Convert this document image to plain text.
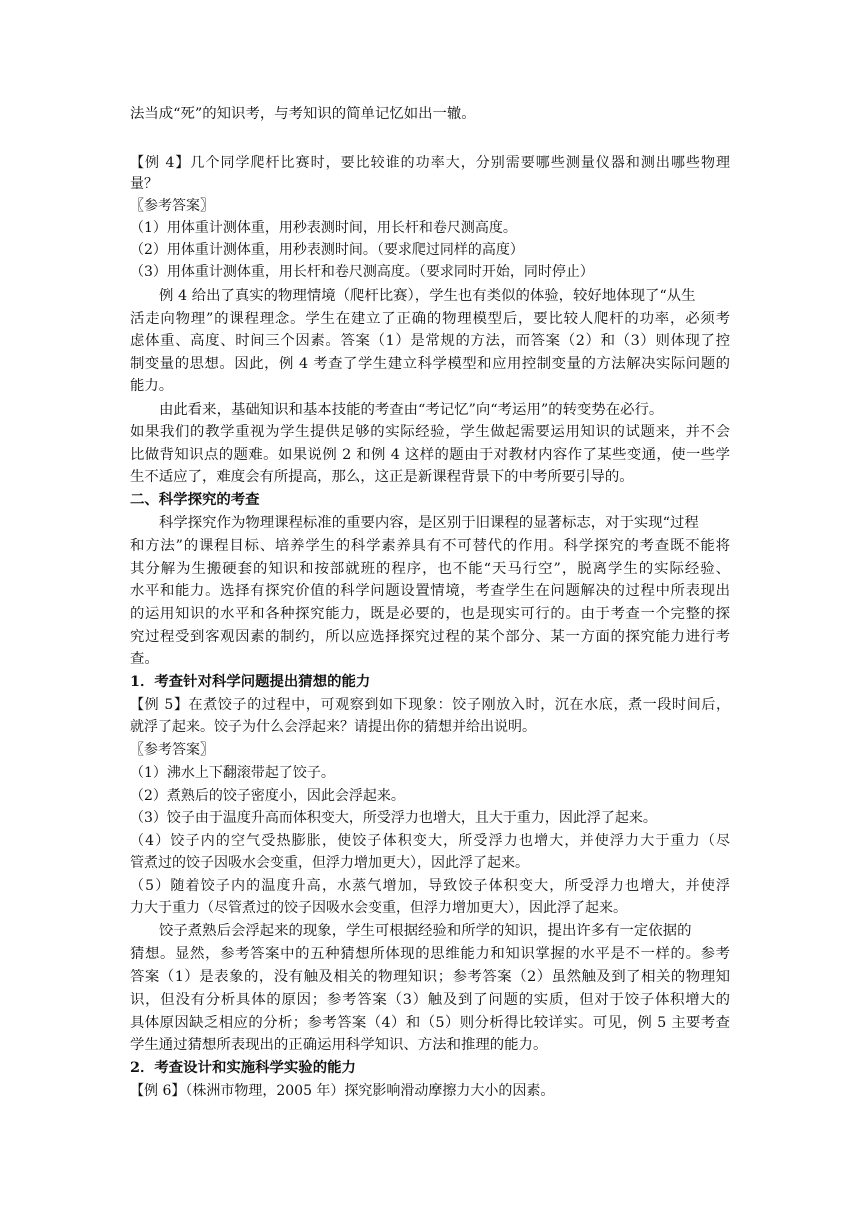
法当成“死”的知识考，与考知识的简单记忆如出一辙。
【例 4】几个同学爬杆比赛时，要比较谁的功率大，分别需要哪些测量仪器和测出哪些物理
量？
〖参考答案〗
（1）用体重计测体重，用秒表测时间，用长杆和卷尺测高度。
（2）用体重计测体重，用秒表测时间。（要求爬过同样的高度）
（3）用体重计测体重，用长杆和卷尺测高度。（要求同时开始，同时停止）
例 4 给出了真实的物理情境（爬杆比赛），学生也有类似的体验，较好地体现了“从生
活走向物理”的课程理念。学生在建立了正确的物理模型后，要比较人爬杆的功率，必须考
虑体重、高度、时间三个因素。答案（1）是常规的方法，而答案（2）和（3）则体现了控
制变量的思想。因此，例 4 考查了学生建立科学模型和应用控制变量的方法解决实际问题的
能力。
由此看来，基础知识和基本技能的考查由“考记忆”向“考运用”的转变势在必行。
如果我们的教学重视为学生提供足够的实际经验，学生做起需要运用知识的试题来，并不会
比做背知识点的题难。如果说例 2 和例 4 这样的题由于对教材内容作了某些变通，使一些学
生不适应了，难度会有所提高，那么，这正是新课程背景下的中考所要引导的。
二、科学探究的考查
科学探究作为物理课程标准的重要内容，是区别于旧课程的显著标志，对于实现“过程
和方法”的课程目标、培养学生的科学素养具有不可替代的作用。科学探究的考查既不能将
其分解为生搬硬套的知识和按部就班的程序，也不能“天马行空”，脱离学生的实际经验、
水平和能力。选择有探究价值的科学问题设置情境，考查学生在问题解决的过程中所表现出
的运用知识的水平和各种探究能力，既是必要的，也是现实可行的。由于考查一个完整的探
究过程受到客观因素的制约，所以应选择探究过程的某个部分、某一方面的探究能力进行考
查。
1．考查针对科学问题提出猜想的能力
【例 5】在煮饺子的过程中，可观察到如下现象：饺子刚放入时，沉在水底，煮一段时间后，
就浮了起来。饺子为什么会浮起来？请提出你的猜想并给出说明。
〖参考答案〗
（1）沸水上下翻滚带起了饺子。
（2）煮熟后的饺子密度小，因此会浮起来。
（3）饺子由于温度升高而体积变大，所受浮力也增大，且大于重力，因此浮了起来。
（4）饺子内的空气受热膨胀，使饺子体积变大，所受浮力也增大，并使浮力大于重力（尽
管煮过的饺子因吸水会变重，但浮力增加更大），因此浮了起来。
（5）随着饺子内的温度升高，水蒸气增加，导致饺子体积变大，所受浮力也增大，并使浮
力大于重力（尽管煮过的饺子因吸水会变重，但浮力增加更大），因此浮了起来。
饺子煮熟后会浮起来的现象，学生可根据经验和所学的知识，提出许多有一定依据的
猜想。显然，参考答案中的五种猜想所体现的思维能力和知识掌握的水平是不一样的。参考
答案（1）是表象的，没有触及相关的物理知识；参考答案（2）虽然触及到了相关的物理知
识，但没有分析具体的原因；参考答案（3）触及到了问题的实质，但对于饺子体积增大的
具体原因缺乏相应的分析；参考答案（4）和（5）则分析得比较详实。可见，例 5 主要考查
学生通过猜想所表现出的正确运用科学知识、方法和推理的能力。
2．考查设计和实施科学实验的能力
【例 6】（株洲市物理，2005 年）探究影响滑动摩擦力大小的因素。
